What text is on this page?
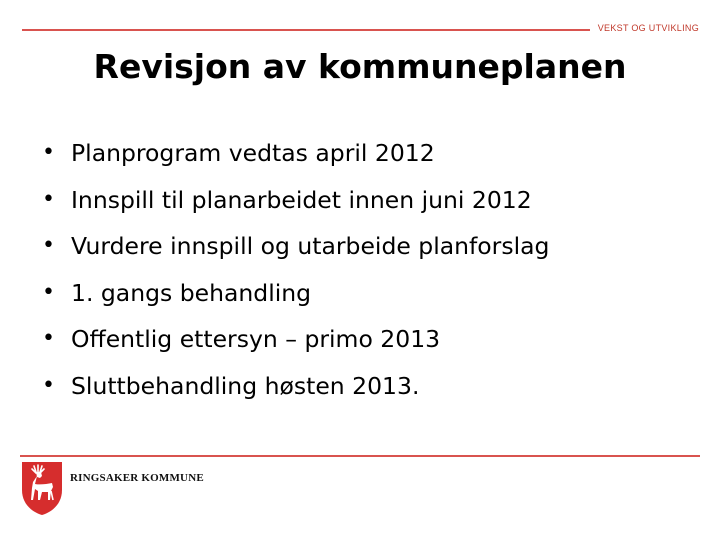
VEKST OG UTVIKLING
Revisjon av kommuneplanen
• Planprogram vedtas april 2012
• Innspill til planarbeidet innen juni 2012
• Vurdere innspill og utarbeide planforslag
• 1. gangs behandling
• Offentlig ettersyn – primo 2013
• Sluttbehandling høsten 2013.
RINGSAKER KOMMUNE
